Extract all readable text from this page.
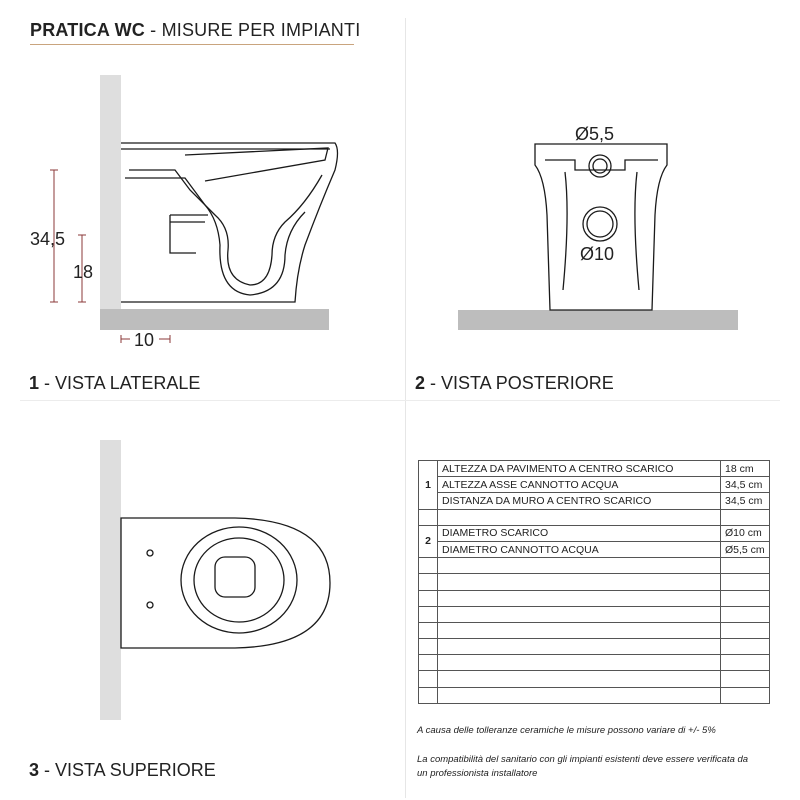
PRATICA WC - MISURE PER IMPIANTI
34,5
18
10
1 - VISTA LATERALE
Ø5,5
Ø10
2 - VISTA POSTERIORE
3 - VISTA SUPERIORE
1	ALTEZZA DA PAVIMENTO A CENTRO SCARICO	18 cm
	ALTEZZA ASSE CANNOTTO ACQUA	34,5 cm
	DISTANZA DA MURO A CENTRO SCARICO	34,5 cm

2	DIAMETRO SCARICO	Ø10 cm
	DIAMETRO CANNOTTO ACQUA	Ø5,5 cm

A causa delle tolleranze ceramiche le misure possono variare di +/- 5%
La compatibilità del sanitario con gli impianti esistenti deve essere verificata da
un professionista installatore
